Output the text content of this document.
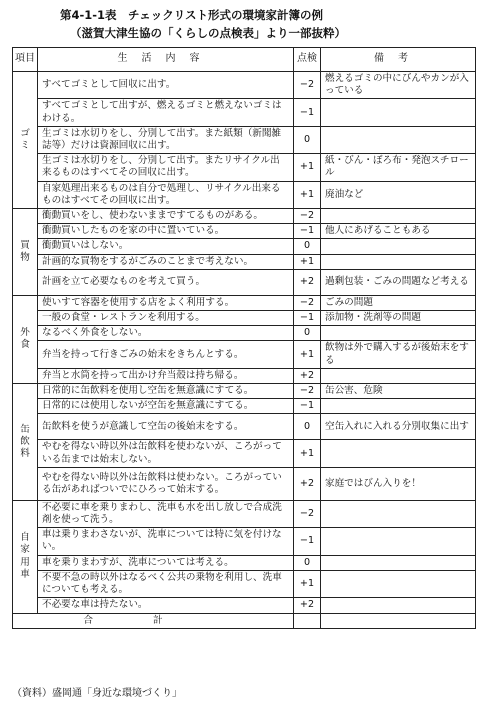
第4-1-1表　チェックリスト形式の環境家計簿の例
（滋賀大津生協の「くらしの点検表」より一部抜粋）
項目	生活内容	点検	備考

ゴ
ミ	すべてゴミとして回収に出す。	−2	燃えるゴミの中にびんやカンが入っている
	すべてゴミとして出すが、燃えるゴミと燃えないゴミはわける。	−1	
	生ゴミは水切りをし、分別して出す。また紙類（新聞雑誌等）だけは資源回収に出す。	0	
	生ゴミは水切りをし、分別して出す。またリサイクル出来るものはすべてその回収に出す。	+1	紙・びん・ぼろ布・発泡スチロール
	自家処理出来るものは自分で処理し、リサイクル出来るものはすべてその回収に出す。	+1	廃油など

買
物	衝動買いをし、使わないままですてるものがある。	−2	
	衝動買いしたものを家の中に置いている。	−1	他人にあげることもある
	衝動買いはしない。	0	
	計画的な買物をするがごみのことまで考えない。	+1	
	計画を立て必要なものを考えて買う。	+2	過剰包装・ごみの問題など考える

外
食	使いすて容器を使用する店をよく利用する。	−2	ごみの問題
	一般の食堂・レストランを利用する。	−1	添加物・洗剤等の問題
	なるべく外食をしない。	0	
	弁当を持って行きごみの始末をきちんとする。	+1	飲物は外で購入するが後始末をする
	弁当と水筒を持って出かけ弁当殻は持ち帰る。	+2	

缶
飲
料	日常的に缶飲料を使用し空缶を無意識にすてる。	−2	缶公害、危険
	日常的には使用しないが空缶を無意識にすてる。	−1	
	缶飲料を使うが意識して空缶の後始末をする。	0	空缶入れに入れる分別収集に出す
	やむを得ない時以外は缶飲料を使わないが、ころがっている缶までは始末しない。	+1	
	やむを得ない時以外は缶飲料は使わない。ころがっている缶があればついでにひろって始末する。	+2	家庭ではびん入りを！

自
家
用
車	不必要に車を乗りまわし、洗車も水を出し放しで合成洗剤を使って洗う。	−2	
	車は乗りまわさないが、洗車については特に気を付けない。	−1	
	車を乗りまわすが、洗車については考える。	0	
	不要不急の時以外はなるべく公共の乗物を利用し、洗車についても考える。	+1	
	不必要な車は持たない。	+2	
合計			
（資料）盛岡通「身近な環境づくり」
